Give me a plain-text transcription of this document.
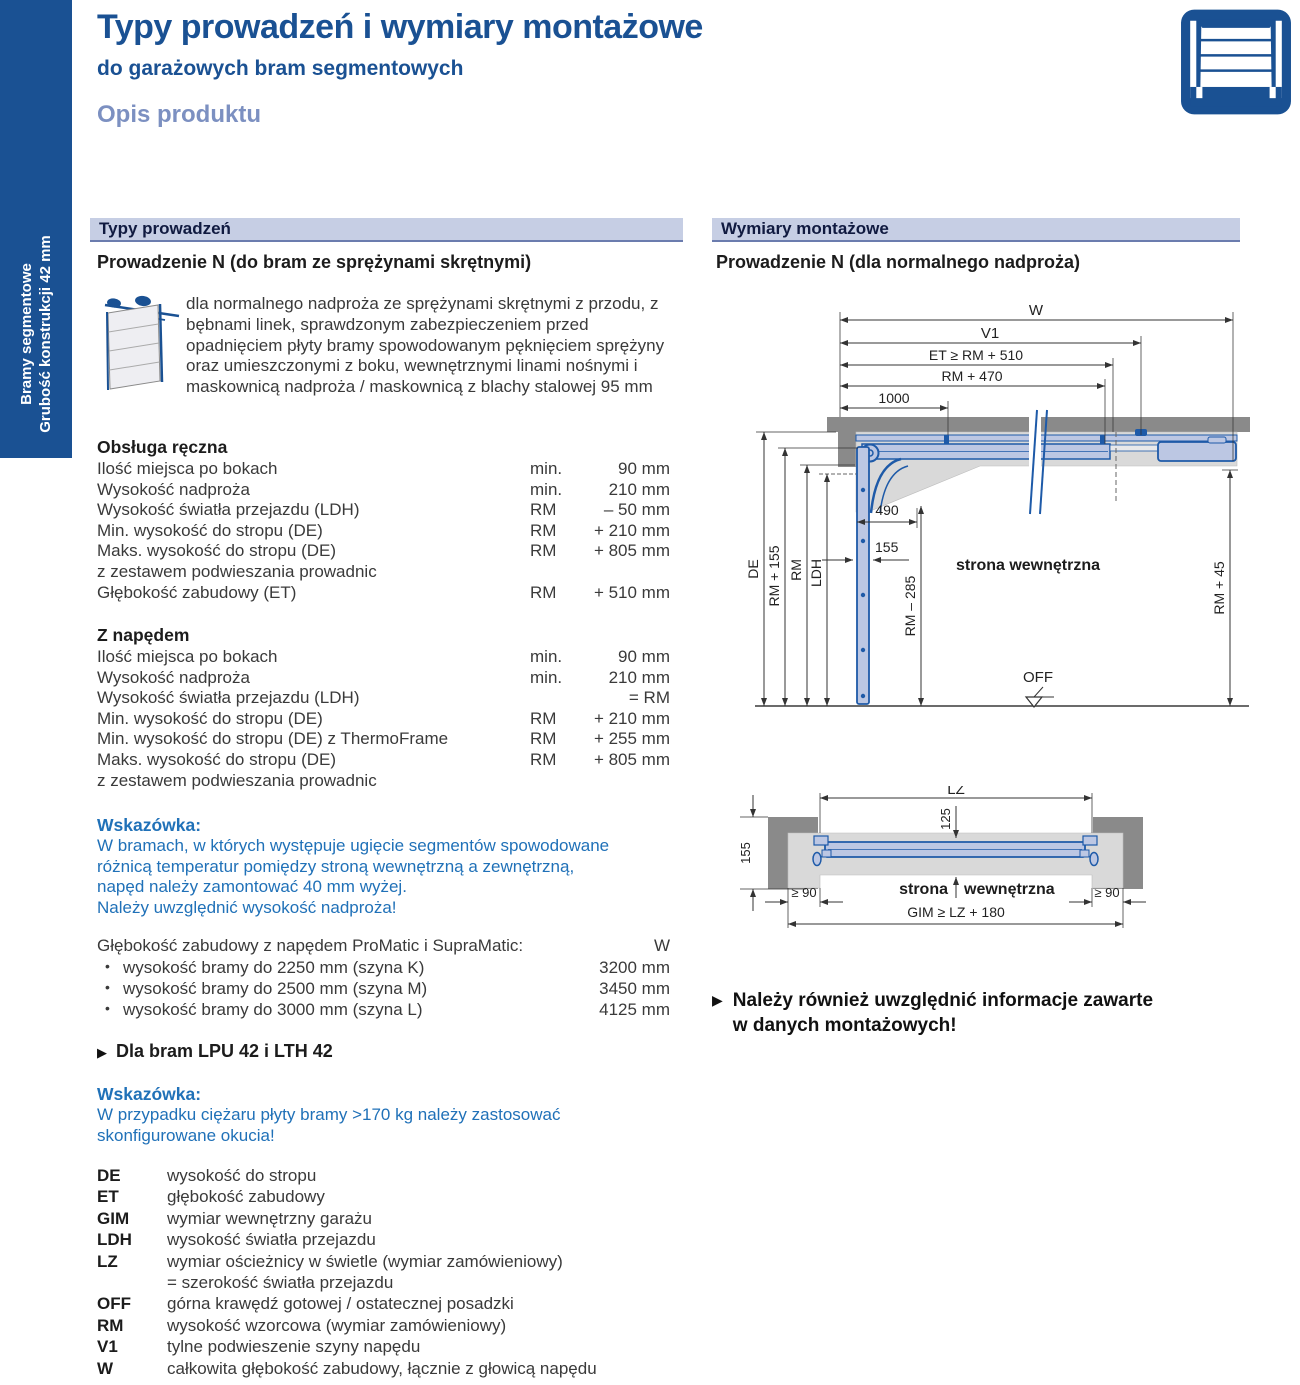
Bramy segmentowe Grubość konstrukcji 42 mm
Typy prowadzeń i wymiary montażowe
do garażowych bram segmentowych
Opis produktu
Typy prowadzeń	Wymiary montażowe
Prowadzenie N (do bram ze sprężynami skrętnymi)
dla normalnego nadproża ze sprężynami skrętnymi z przodu, z bębnami linek, sprawdzonym zabezpieczeniem przed opadnięciem płyty bramy spowodowanym pęknięciem sprężyny oraz umieszczonymi z boku, wewnętrznymi linami nośnymi i maskownicą nadproża / maskownicą z blachy stalowej 95 mm
Obsługa ręczna
Ilość miejsca po bokach	min.	90 mm
Wysokość nadproża	min.	210 mm
Wysokość światła przejazdu (LDH)	RM	– 50 mm
Min. wysokość do stropu (DE)	RM	+ 210 mm
Maks. wysokość do stropu (DE)	RM	+ 805 mm
z zestawem podwieszania prowadnic
Głębokość zabudowy (ET)	RM	+ 510 mm
Z napędem
Ilość miejsca po bokach	min.	90 mm
Wysokość nadproża	min.	210 mm
Wysokość światła przejazdu (LDH)	= RM
Min. wysokość do stropu (DE)	RM	+ 210 mm
Min. wysokość do stropu (DE) z ThermoFrame	RM	+ 255 mm
Maks. wysokość do stropu (DE)	RM	+ 805 mm
z zestawem podwieszania prowadnic
Wskazówka:
W bramach, w których występuje ugięcie segmentów spowodowane
różnicą temperatur pomiędzy stroną wewnętrzną a zewnętrzną,
napęd należy zamontować 40 mm wyżej.
Należy uwzględnić wysokość nadproża!
Głębokość zabudowy z napędem ProMatic i SupraMatic:	W
• wysokość bramy do 2250 mm (szyna K)	3200 mm
• wysokość bramy do 2500 mm (szyna M)	3450 mm
• wysokość bramy do 3000 mm (szyna L)	4125 mm
▶ Dla bram LPU 42 i LTH 42
Wskazówka:
W przypadku ciężaru płyty bramy >170 kg należy zastosować
skonfigurowane okucia!
DE	wysokość do stropu
ET	głębokość zabudowy
GIM	wymiar wewnętrzny garażu
LDH	wysokość światła przejazdu
LZ	wymiar ościeżnicy w świetle (wymiar zamówieniowy)
= szerokość światła przejazdu
OFF	górna krawędź gotowej / ostatecznej posadzki
RM	wysokość wzorcowa (wymiar zamówieniowy)
V1	tylne podwieszenie szyny napędu
W	całkowita głębokość zabudowy, łącznie z głowicą napędu
Prowadzenie N (dla normalnego nadproża)
W
V1
ET ≥ RM + 510
RM + 470
1000
DE RM + 155 RM LDH
RM – 285	RM + 45
490
155
strona wewnętrzna
OFF
LZ
125
155
≥ 90	≥ 90
GIM ≥ LZ + 180
strona wewnętrzna
▶ Należy również uwzględnić informacje zawarte
w danych montażowych!
